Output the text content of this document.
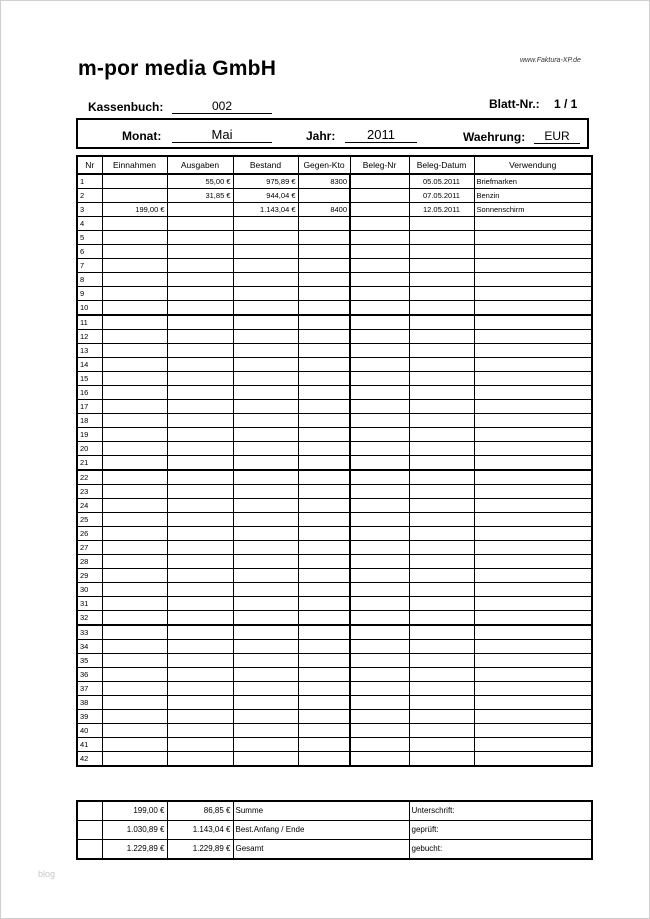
m-por media GmbH	www.Faktura-XP.de
Kassenbuch:	002	Blatt-Nr.: 1 / 1
Monat:	Mai	Jahr:	2011	Waehrung:	EUR
Nr	Einnahmen	Ausgaben	Bestand	Gegen-Kto	Beleg-Nr	Beleg-Datum	Verwendung
1		55,00 €	975,89 €	8300		05.05.2011	Briefmarken
2		31,85 €	944,04 €			07.05.2011	Benzin
3	199,00 €		1.143,04 €	8400		12.05.2011	Sonnenschirm
4							
5							
6							
7							
8							
9							
10							
11							
12							
13							
14							
15							
16							
17							
18							
19							
20							
21							
22							
23							
24							
25							
26							
27							
28							
29							
30							
31							
32							
33							
34							
35							
36							
37							
38							
39							
40							
41							
42							
	199,00 €	86,85 €	Summe	Unterschrift:
	1.030,89 €	1.143,04 €	Best.Anfang / Ende	geprüft:
	1.229,89 €	1.229,89 €	Gesamt	gebucht:
blog
